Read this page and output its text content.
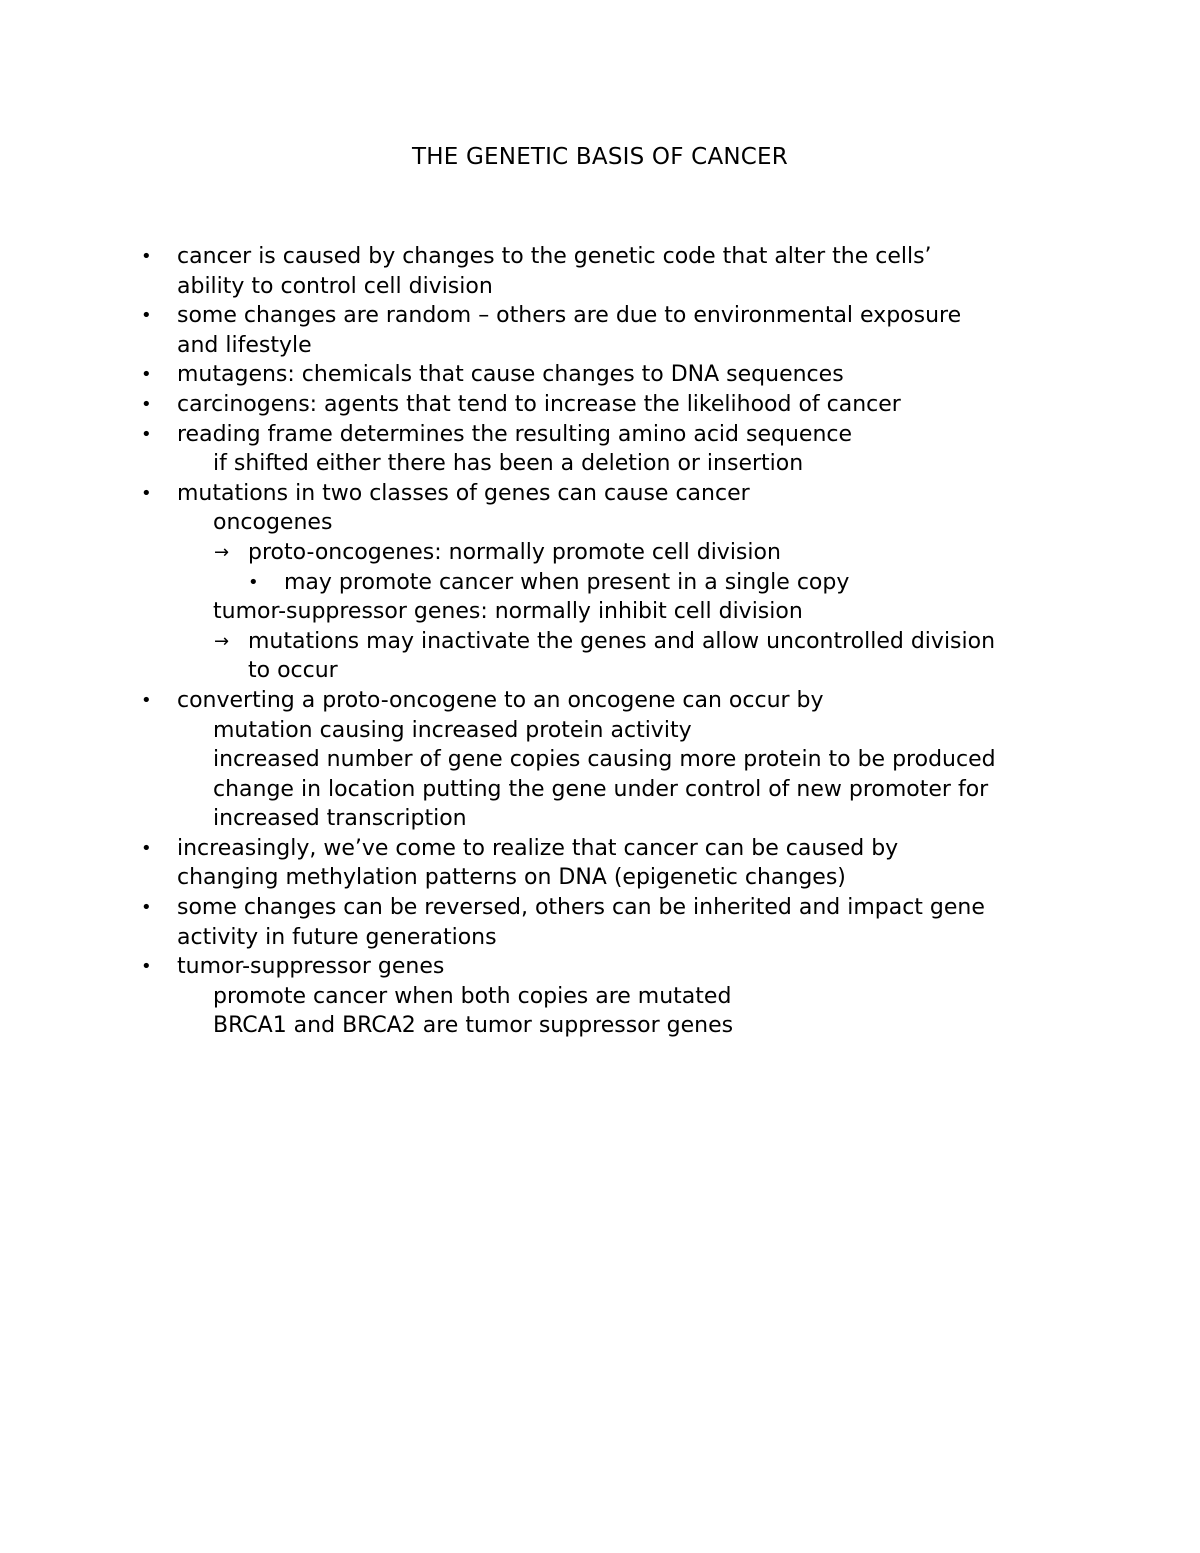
THE GENETIC BASIS OF CANCER
• cancer is caused by changes to the genetic code that alter the cells’
ability to control cell division
• some changes are random – others are due to environmental exposure
and lifestyle
• mutagens: chemicals that cause changes to DNA sequences
• carcinogens: agents that tend to increase the likelihood of cancer
• reading frame determines the resulting amino acid sequence
if shifted either there has been a deletion or insertion
• mutations in two classes of genes can cause cancer
oncogenes
→ proto-oncogenes: normally promote cell division
• may promote cancer when present in a single copy
tumor-suppressor genes: normally inhibit cell division
→ mutations may inactivate the genes and allow uncontrolled division
to occur
• converting a proto-oncogene to an oncogene can occur by
mutation causing increased protein activity
increased number of gene copies causing more protein to be produced
change in location putting the gene under control of new promoter for
increased transcription
• increasingly, we’ve come to realize that cancer can be caused by
changing methylation patterns on DNA (epigenetic changes)
• some changes can be reversed, others can be inherited and impact gene
activity in future generations
• tumor-suppressor genes
promote cancer when both copies are mutated
BRCA1 and BRCA2 are tumor suppressor genes
